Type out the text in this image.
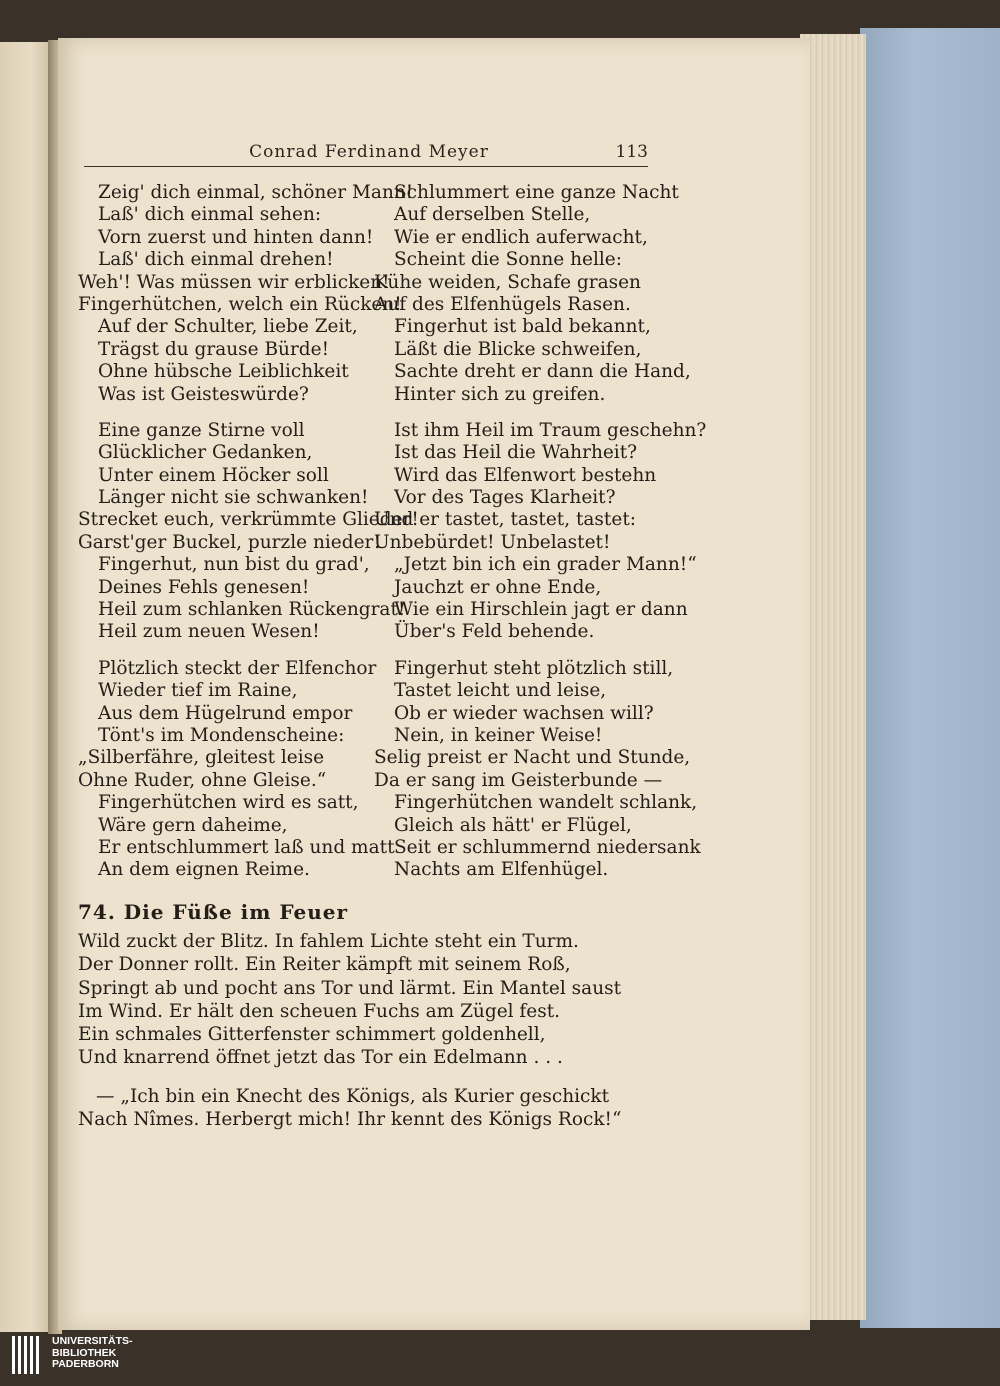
Conrad Ferdinand Meyer	113
Zeig' dich einmal, schöner Mann!
Laß' dich einmal sehen:
Vorn zuerst und hinten dann!
Laß' dich einmal drehen!
Weh'! Was müssen wir erblicken!
Fingerhütchen, welch ein Rücken!
Auf der Schulter, liebe Zeit,
Trägst du grause Bürde!
Ohne hübsche Leiblichkeit
Was ist Geisteswürde?
Eine ganze Stirne voll
Glücklicher Gedanken,
Unter einem Höcker soll
Länger nicht sie schwanken!
Strecket euch, verkrümmte Glieder!
Garst'ger Buckel, purzle nieder!
Fingerhut, nun bist du grad',
Deines Fehls genesen!
Heil zum schlanken Rückengrat!
Heil zum neuen Wesen!
Plötzlich steckt der Elfenchor
Wieder tief im Raine,
Aus dem Hügelrund empor
Tönt's im Mondenscheine:
„Silberfähre, gleitest leise
Ohne Ruder, ohne Gleise.“
Fingerhütchen wird es satt,
Wäre gern daheime,
Er entschlummert laß und matt
An dem eignen Reime.
Schlummert eine ganze Nacht
Auf derselben Stelle,
Wie er endlich auferwacht,
Scheint die Sonne helle:
Kühe weiden, Schafe grasen
Auf des Elfenhügels Rasen.
Fingerhut ist bald bekannt,
Läßt die Blicke schweifen,
Sachte dreht er dann die Hand,
Hinter sich zu greifen.
Ist ihm Heil im Traum geschehn?
Ist das Heil die Wahrheit?
Wird das Elfenwort bestehn
Vor des Tages Klarheit?
Und er tastet, tastet, tastet:
Unbebürdet! Unbelastet!
„Jetzt bin ich ein grader Mann!“
Jauchzt er ohne Ende,
Wie ein Hirschlein jagt er dann
Über's Feld behende.
Fingerhut steht plötzlich still,
Tastet leicht und leise,
Ob er wieder wachsen will?
Nein, in keiner Weise!
Selig preist er Nacht und Stunde,
Da er sang im Geisterbunde —
Fingerhütchen wandelt schlank,
Gleich als hätt' er Flügel,
Seit er schlummernd niedersank
Nachts am Elfenhügel.
74. Die Füße im Feuer

Wild zuckt der Blitz. In fahlem Lichte steht ein Turm.
Der Donner rollt. Ein Reiter kämpft mit seinem Roß,
Springt ab und pocht ans Tor und lärmt. Ein Mantel saust
Im Wind. Er hält den scheuen Fuchs am Zügel fest.
Ein schmales Gitterfenster schimmert goldenhell,
Und knarrend öffnet jetzt das Tor ein Edelmann . . .

— „Ich bin ein Knecht des Königs, als Kurier geschickt
Nach Nîmes. Herbergt mich! Ihr kennt des Königs Rock!“

UNIVERSITÄTS-
BIBLIOTHEK
PADERBORN
